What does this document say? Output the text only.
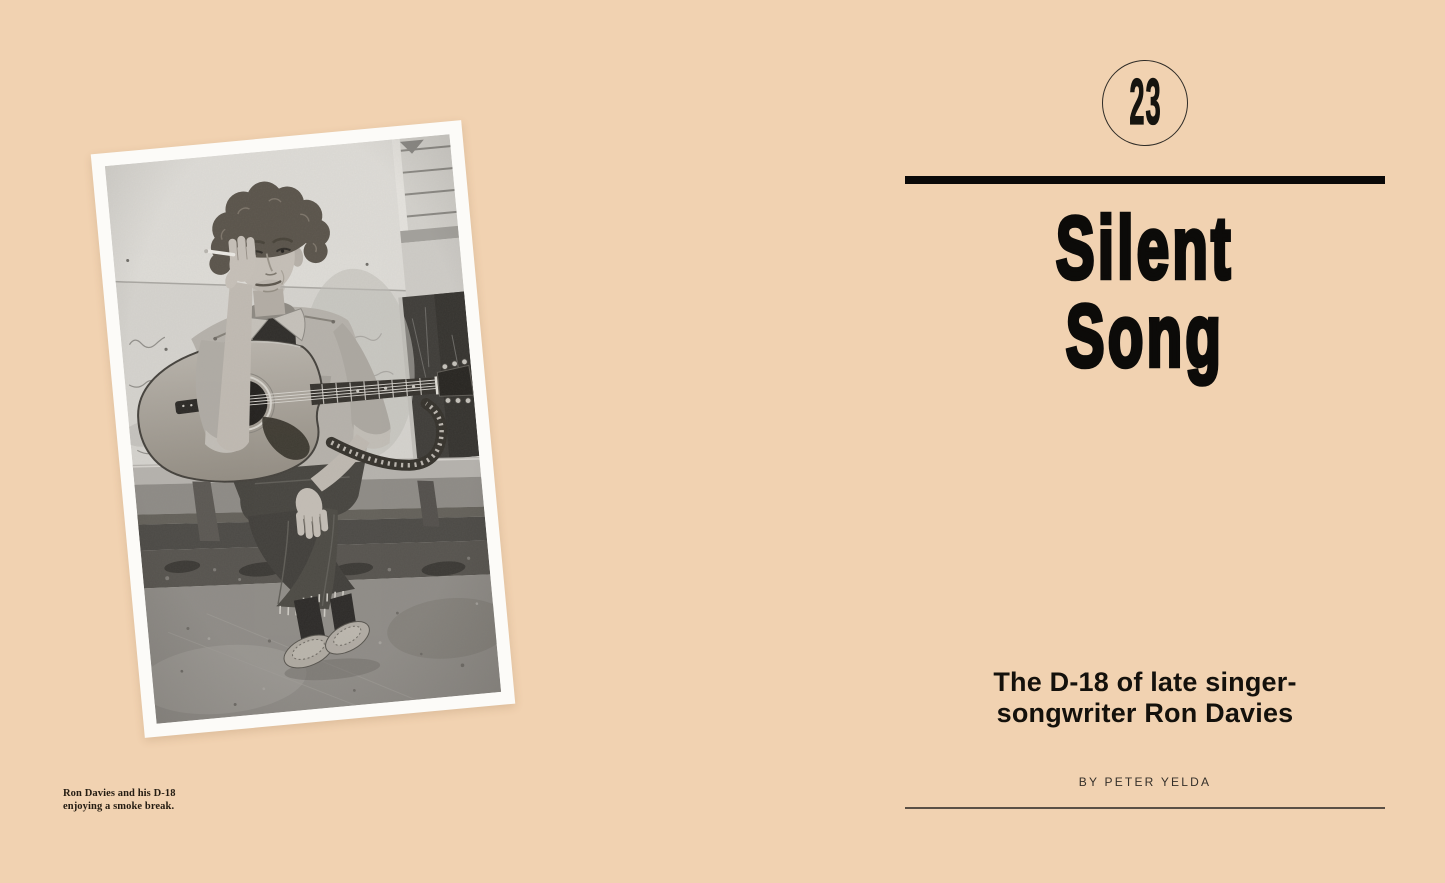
Ron Davies and his D-18
enjoying a smoke break.
23
Silent
Song
The D-18 of late singer-
songwriter Ron Davies
BY PETER YELDA
